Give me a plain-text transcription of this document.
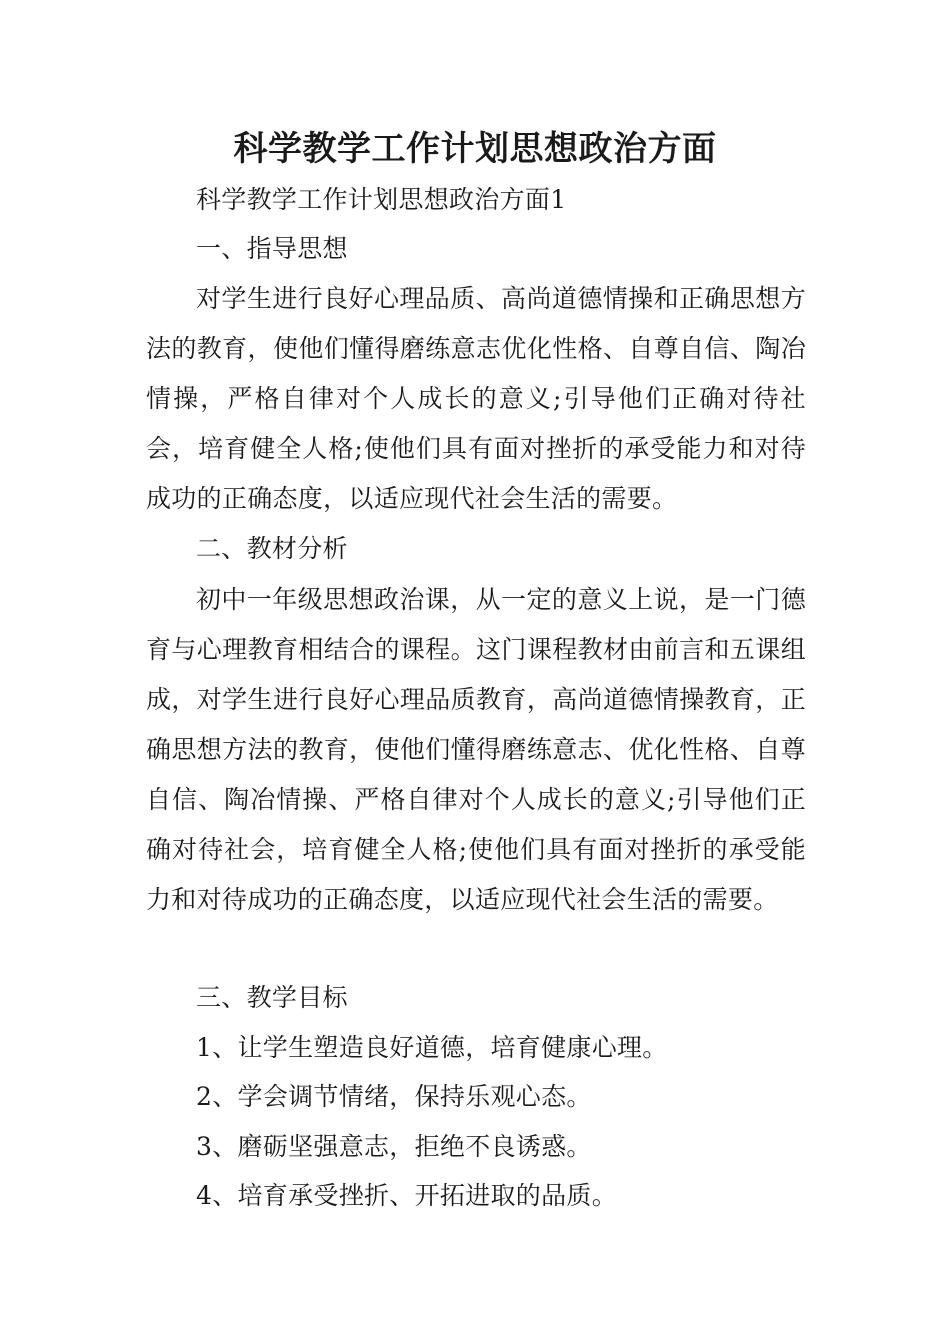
科学教学工作计划思想政治方面
科学教学工作计划思想政治方面1
一、指导思想
对学生进行良好心理品质、高尚道德情操和正确思想方法的教育，使他们懂得磨练意志优化性格、自尊自信、陶冶情操，严格自律对个人成长的意义;引导他们正确对待社会，培育健全人格;使他们具有面对挫折的承受能力和对待成功的正确态度，以适应现代社会生活的需要。
二、教材分析
初中一年级思想政治课，从一定的意义上说，是一门德育与心理教育相结合的课程。这门课程教材由前言和五课组成，对学生进行良好心理品质教育，高尚道德情操教育，正确思想方法的教育，使他们懂得磨练意志、优化性格、自尊自信、陶冶情操、严格自律对个人成长的意义;引导他们正确对待社会，培育健全人格;使他们具有面对挫折的承受能力和对待成功的正确态度，以适应现代社会生活的需要。
三、教学目标
1、让学生塑造良好道德，培育健康心理。
2、学会调节情绪，保持乐观心态。
3、磨砺坚强意志，拒绝不良诱惑。
4、培育承受挫折、开拓进取的品质。
